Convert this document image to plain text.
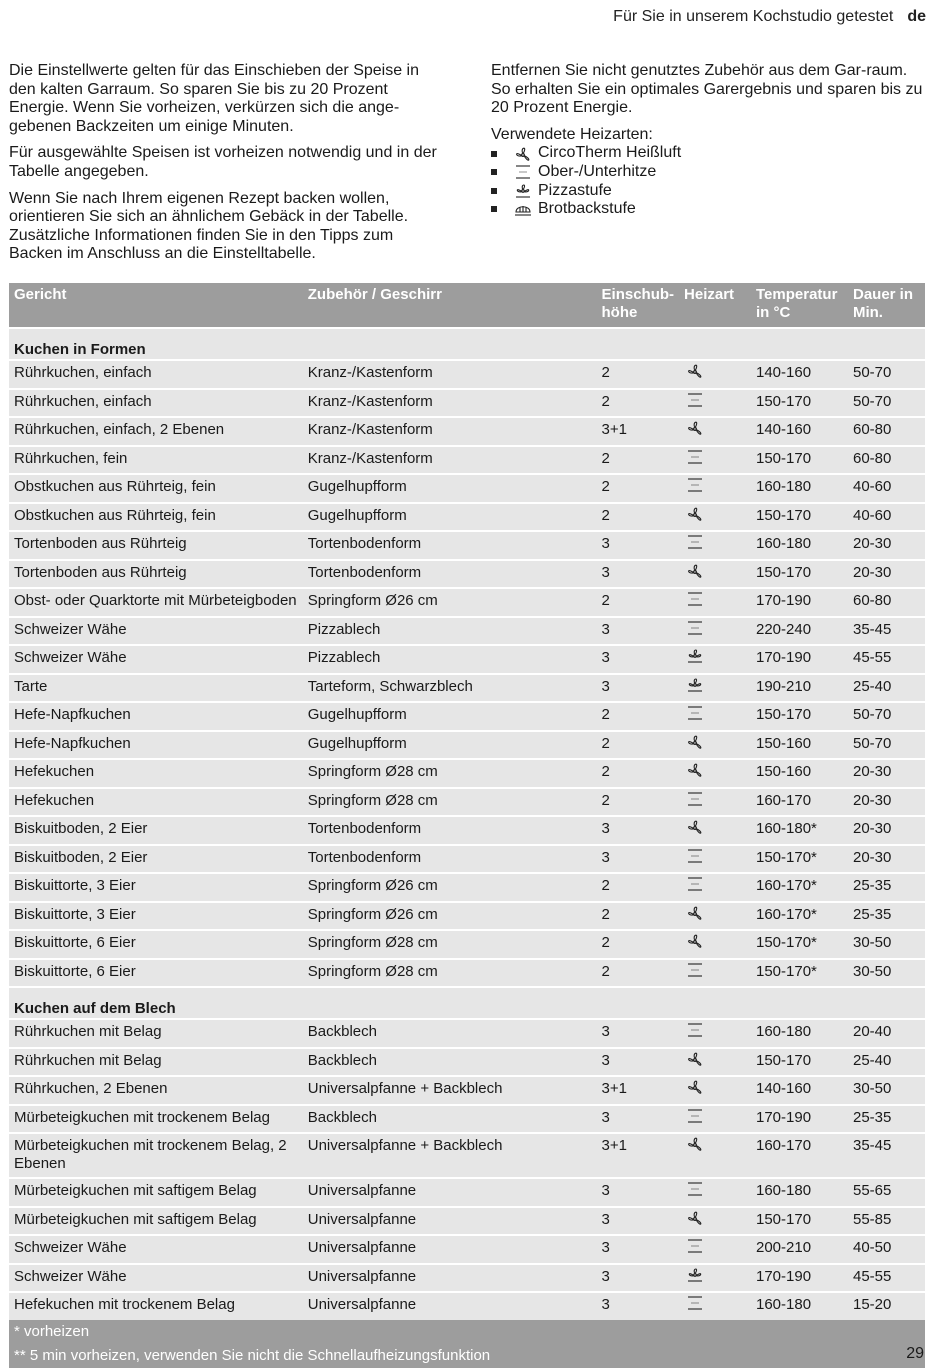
Für Sie in unserem Kochstudio getestet de

Die Einstellwerte gelten für das Einschieben der Speise in den kalten Garraum. So sparen Sie bis zu 20 Prozent Energie. Wenn Sie vorheizen, verkürzen sich die ange-gebenen Backzeiten um einige Minuten.

Für ausgewählte Speisen ist vorheizen notwendig und in der Tabelle angegeben.

Wenn Sie nach Ihrem eigenen Rezept backen wollen, orientieren Sie sich an ähnlichem Gebäck in der Tabelle. Zusätzliche Informationen finden Sie in den Tipps zum Backen im Anschluss an die Einstelltabelle.

Entfernen Sie nicht genutztes Zubehör aus dem Gar-raum. So erhalten Sie ein optimales Garergebnis und sparen bis zu 20 Prozent Energie.

Verwendete Heizarten:
CircoTherm Heißluft
Ober-/Unterhitze
Pizzastufe
Brotbackstufe
Gericht	Zubehör / Geschirr	Einschub-höhe	Heizart	Temperatur in °C	Dauer in Min.
Kuchen in Formen					
Rührkuchen, einfach	Kranz-/Kastenform	2		140-160	50-70
Rührkuchen, einfach	Kranz-/Kastenform	2		150-170	50-70
Rührkuchen, einfach, 2 Ebenen	Kranz-/Kastenform	3+1		140-160	60-80
Rührkuchen, fein	Kranz-/Kastenform	2		150-170	60-80
Obstkuchen aus Rührteig, fein	Gugelhupfform	2		160-180	40-60
Obstkuchen aus Rührteig, fein	Gugelhupfform	2		150-170	40-60
Tortenboden aus Rührteig	Tortenbodenform	3		160-180	20-30
Tortenboden aus Rührteig	Tortenbodenform	3		150-170	20-30
Obst- oder Quarktorte mit Mürbeteigboden	Springform Ø26 cm	2		170-190	60-80
Schweizer Wähe	Pizzablech	3		220-240	35-45
Schweizer Wähe	Pizzablech	3		170-190	45-55
Tarte	Tarteform, Schwarzblech	3		190-210	25-40
Hefe-Napfkuchen	Gugelhupfform	2		150-170	50-70
Hefe-Napfkuchen	Gugelhupfform	2		150-160	50-70
Hefekuchen	Springform Ø28 cm	2		150-160	20-30
Hefekuchen	Springform Ø28 cm	2		160-170	20-30
Biskuitboden, 2 Eier	Tortenbodenform	3		160-180*	20-30
Biskuitboden, 2 Eier	Tortenbodenform	3		150-170*	20-30
Biskuittorte, 3 Eier	Springform Ø26 cm	2		160-170*	25-35
Biskuittorte, 3 Eier	Springform Ø26 cm	2		160-170*	25-35
Biskuittorte, 6 Eier	Springform Ø28 cm	2		150-170*	30-50
Biskuittorte, 6 Eier	Springform Ø28 cm	2		150-170*	30-50
Kuchen auf dem Blech					
Rührkuchen mit Belag	Backblech	3		160-180	20-40
Rührkuchen mit Belag	Backblech	3		150-170	25-40
Rührkuchen, 2 Ebenen	Universalpfanne + Backblech	3+1		140-160	30-50
Mürbeteigkuchen mit trockenem Belag	Backblech	3		170-190	25-35
Mürbeteigkuchen mit trockenem Belag, 2 Ebenen	Universalpfanne + Backblech	3+1		160-170	35-45
Mürbeteigkuchen mit saftigem Belag	Universalpfanne	3		160-180	55-65
Mürbeteigkuchen mit saftigem Belag	Universalpfanne	3		150-170	55-85
Schweizer Wähe	Universalpfanne	3		200-210	40-50
Schweizer Wähe	Universalpfanne	3		170-190	45-55
Hefekuchen mit trockenem Belag	Universalpfanne	3		160-180	15-20
* vorheizen					
** 5 min vorheizen, verwenden Sie nicht die Schnellaufheizungsfunktion						29
